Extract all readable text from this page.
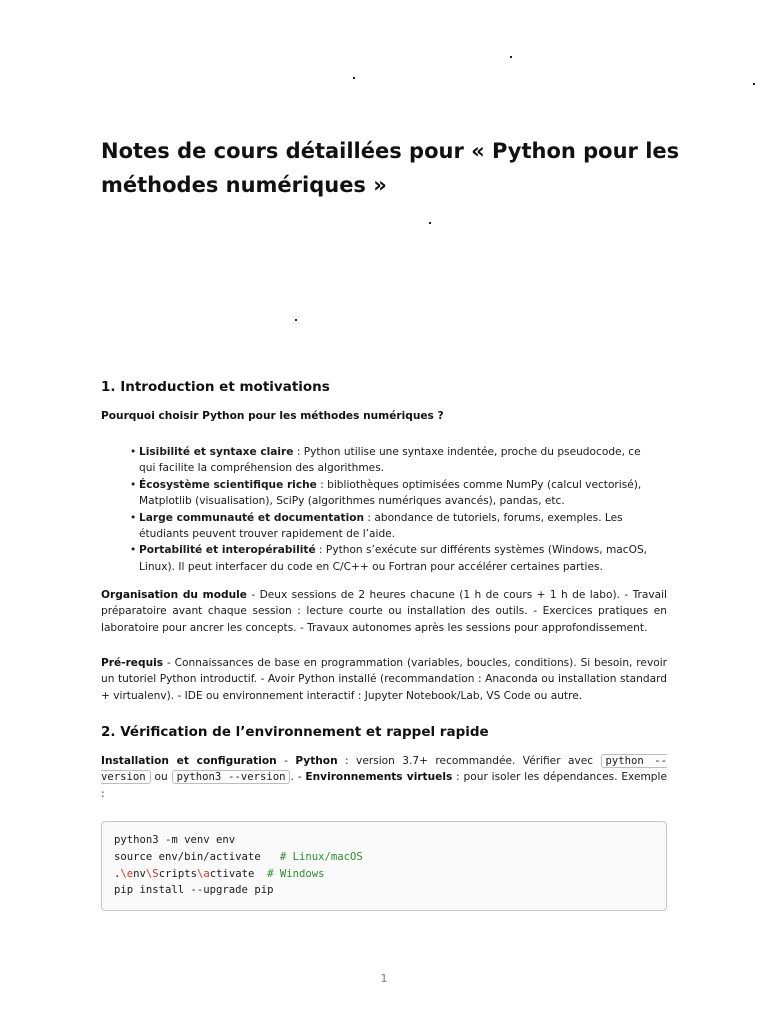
Notes de cours détaillées pour « Python pour les méthodes numériques »
1. Introduction et motivations

Pourquoi choisir Python pour les méthodes numériques ?

• Lisibilité et syntaxe claire : Python utilise une syntaxe indentée, proche du pseudocode, ce qui facilite la compréhension des algorithmes.
• Écosystème scientifique riche : bibliothèques optimisées comme NumPy (calcul vectorisé), Matplotlib (visualisation), SciPy (algorithmes numériques avancés), pandas, etc.
• Large communauté et documentation : abondance de tutoriels, forums, exemples. Les étudiants peuvent trouver rapidement de l’aide.
• Portabilité et interopérabilité : Python s’exécute sur différents systèmes (Windows, macOS, Linux). Il peut interfacer du code en C/C++ ou Fortran pour accélérer certaines parties.

Organisation du module - Deux sessions de 2 heures chacune (1 h de cours + 1 h de labo). - Travail préparatoire avant chaque session : lecture courte ou installation des outils. - Exercices pratiques en laboratoire pour ancrer les concepts. - Travaux autonomes après les sessions pour approfondissement.

Pré-requis - Connaissances de base en programmation (variables, boucles, conditions). Si besoin, revoir un tutoriel Python introductif. - Avoir Python installé (recommandation : Anaconda ou installation standard + virtualenv). - IDE ou environnement interactif : Jupyter Notebook/Lab, VS Code ou autre.

2. Vérification de l’environnement et rappel rapide

Installation et configuration - Python : version 3.7+ recommandée. Vérifier avec python --version ou python3 --version . - Environnements virtuels : pour isoler les dépendances. Exemple :

python3 -m venv env
source env/bin/activate   # Linux/macOS
.\env\Scripts\activate  # Windows
pip install --upgrade pip
1
